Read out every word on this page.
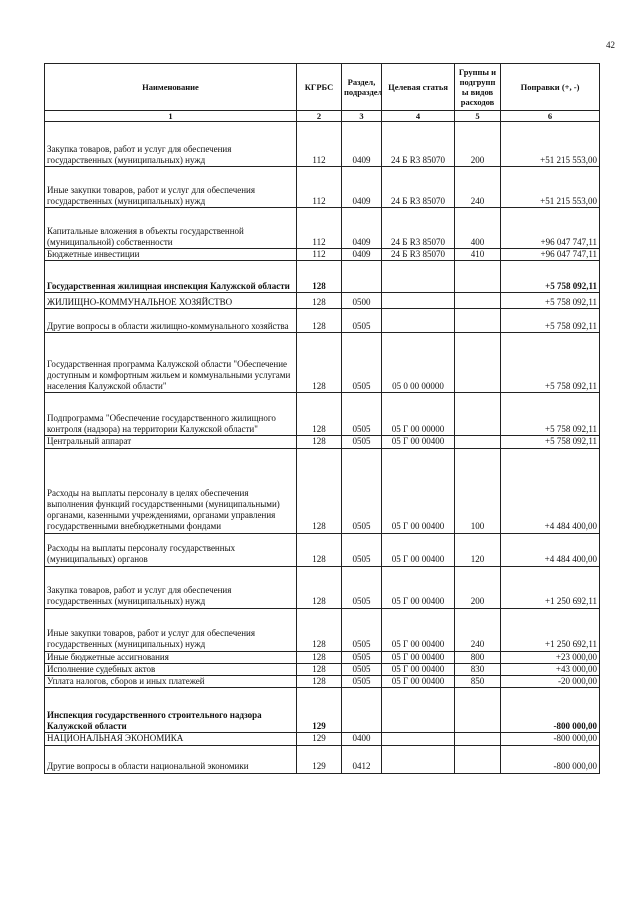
42
Наименование	КГРБС	Раздел, подраздел	Целевая статья	Группы и подгрупп ы видов расходов	Поправки (+, -)
1	2	3	4	5	6
Закупка товаров, работ и услуг для обеспечения государственных (муниципальных) нужд	112	0409	24 Б R3 85070	200	+51 215 553,00
Иные закупки товаров, работ и услуг для обеспечения государственных (муниципальных) нужд	112	0409	24 Б R3 85070	240	+51 215 553,00
Капитальные вложения в объекты государственной (муниципальной) собственности	112	0409	24 Б R3 85070	400	+96 047 747,11
Бюджетные инвестиции	112	0409	24 Б R3 85070	410	+96 047 747,11
Государственная жилищная инспекция Калужской области	128				+5 758 092,11
ЖИЛИЩНО-КОММУНАЛЬНОЕ ХОЗЯЙСТВО	128	0500			+5 758 092,11
Другие вопросы в области жилищно-коммунального хозяйства	128	0505			+5 758 092,11
Государственная программа Калужской области "Обеспечение доступным и комфортным жильем и коммунальными услугами населения Калужской области"	128	0505	05 0 00 00000		+5 758 092,11
Подпрограмма "Обеспечение государственного жилищного контроля (надзора) на территории Калужской области"	128	0505	05 Г 00 00000		+5 758 092,11
Центральный аппарат	128	0505	05 Г 00 00400		+5 758 092,11
Расходы на выплаты персоналу в целях обеспечения выполнения функций государственными (муниципальными) органами, казенными учреждениями, органами управления государственными внебюджетными фондами	128	0505	05 Г 00 00400	100	+4 484 400,00
Расходы на выплаты персоналу государственных (муниципальных) органов	128	0505	05 Г 00 00400	120	+4 484 400,00
Закупка товаров, работ и услуг для обеспечения государственных (муниципальных) нужд	128	0505	05 Г 00 00400	200	+1 250 692,11
Иные закупки товаров, работ и услуг для обеспечения государственных (муниципальных) нужд	128	0505	05 Г 00 00400	240	+1 250 692,11
Иные бюджетные ассигнования	128	0505	05 Г 00 00400	800	+23 000,00
Исполнение судебных актов	128	0505	05 Г 00 00400	830	+43 000,00
Уплата налогов, сборов и иных платежей	128	0505	05 Г 00 00400	850	-20 000,00
Инспекция государственного строительного надзора Калужской области	129				-800 000,00
НАЦИОНАЛЬНАЯ ЭКОНОМИКА	129	0400			-800 000,00
Другие вопросы в области национальной экономики	129	0412			-800 000,00
